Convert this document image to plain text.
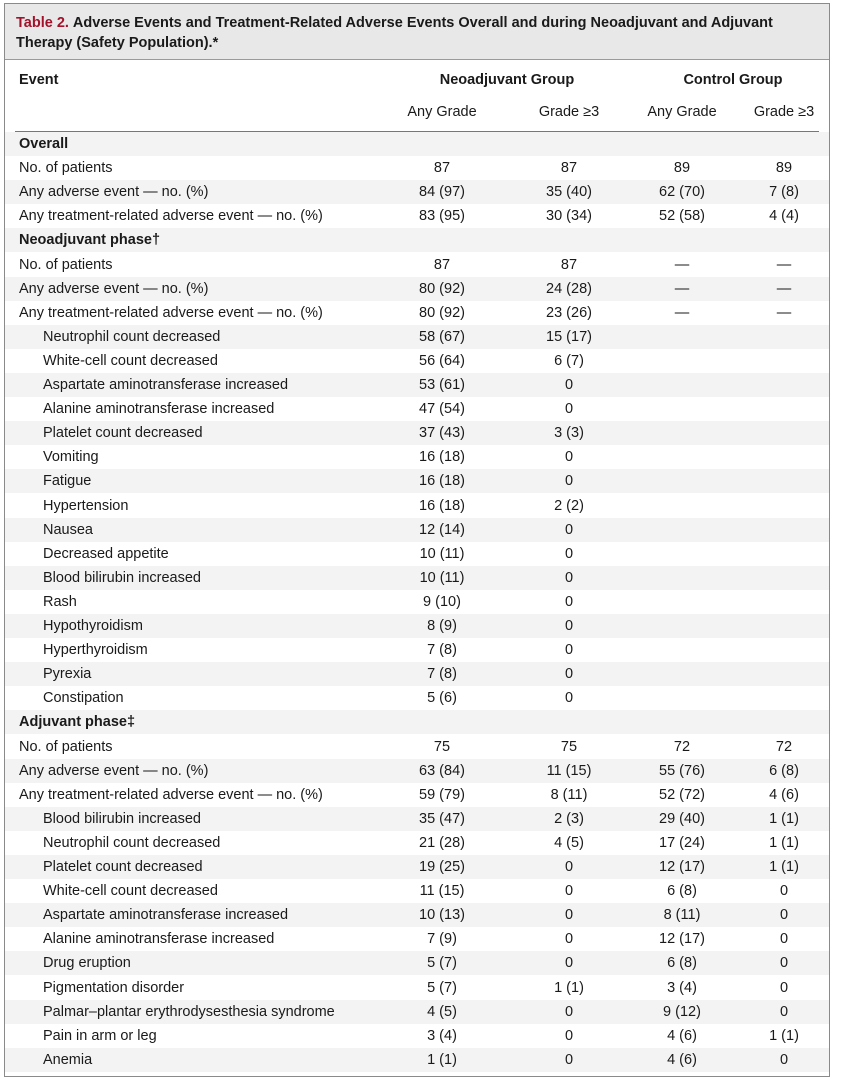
Table 2. Adverse Events and Treatment-Related Adverse Events Overall and during Neoadjuvant and Adjuvant Therapy (Safety Population).*
Event	Neoadjuvant Group	Control Group
Any Grade	Grade ≥3	Any Grade	Grade ≥3
Overall
No. of patients	87	87	89	89
Any adverse event — no. (%)	84 (97)	35 (40)	62 (70)	7 (8)
Any treatment-related adverse event — no. (%)	83 (95)	30 (34)	52 (58)	4 (4)
Neoadjuvant phase†
No. of patients	87	87	—	—
Any adverse event — no. (%)	80 (92)	24 (28)	—	—
Any treatment-related adverse event — no. (%)	80 (92)	23 (26)	—	—
Neutrophil count decreased	58 (67)	15 (17)
White-cell count decreased	56 (64)	6 (7)
Aspartate aminotransferase increased	53 (61)	0
Alanine aminotransferase increased	47 (54)	0
Platelet count decreased	37 (43)	3 (3)
Vomiting	16 (18)	0
Fatigue	16 (18)	0
Hypertension	16 (18)	2 (2)
Nausea	12 (14)	0
Decreased appetite	10 (11)	0
Blood bilirubin increased	10 (11)	0
Rash	9 (10)	0
Hypothyroidism	8 (9)	0
Hyperthyroidism	7 (8)	0
Pyrexia	7 (8)	0
Constipation	5 (6)	0
Adjuvant phase‡
No. of patients	75	75	72	72
Any adverse event — no. (%)	63 (84)	11 (15)	55 (76)	6 (8)
Any treatment-related adverse event — no. (%)	59 (79)	8 (11)	52 (72)	4 (6)
Blood bilirubin increased	35 (47)	2 (3)	29 (40)	1 (1)
Neutrophil count decreased	21 (28)	4 (5)	17 (24)	1 (1)
Platelet count decreased	19 (25)	0	12 (17)	1 (1)
White-cell count decreased	11 (15)	0	6 (8)	0
Aspartate aminotransferase increased	10 (13)	0	8 (11)	0
Alanine aminotransferase increased	7 (9)	0	12 (17)	0
Drug eruption	5 (7)	0	6 (8)	0
Pigmentation disorder	5 (7)	1 (1)	3 (4)	0
Palmar–plantar erythrodysesthesia syndrome	4 (5)	0	9 (12)	0
Pain in arm or leg	3 (4)	0	4 (6)	1 (1)
Anemia	1 (1)	0	4 (6)	0
